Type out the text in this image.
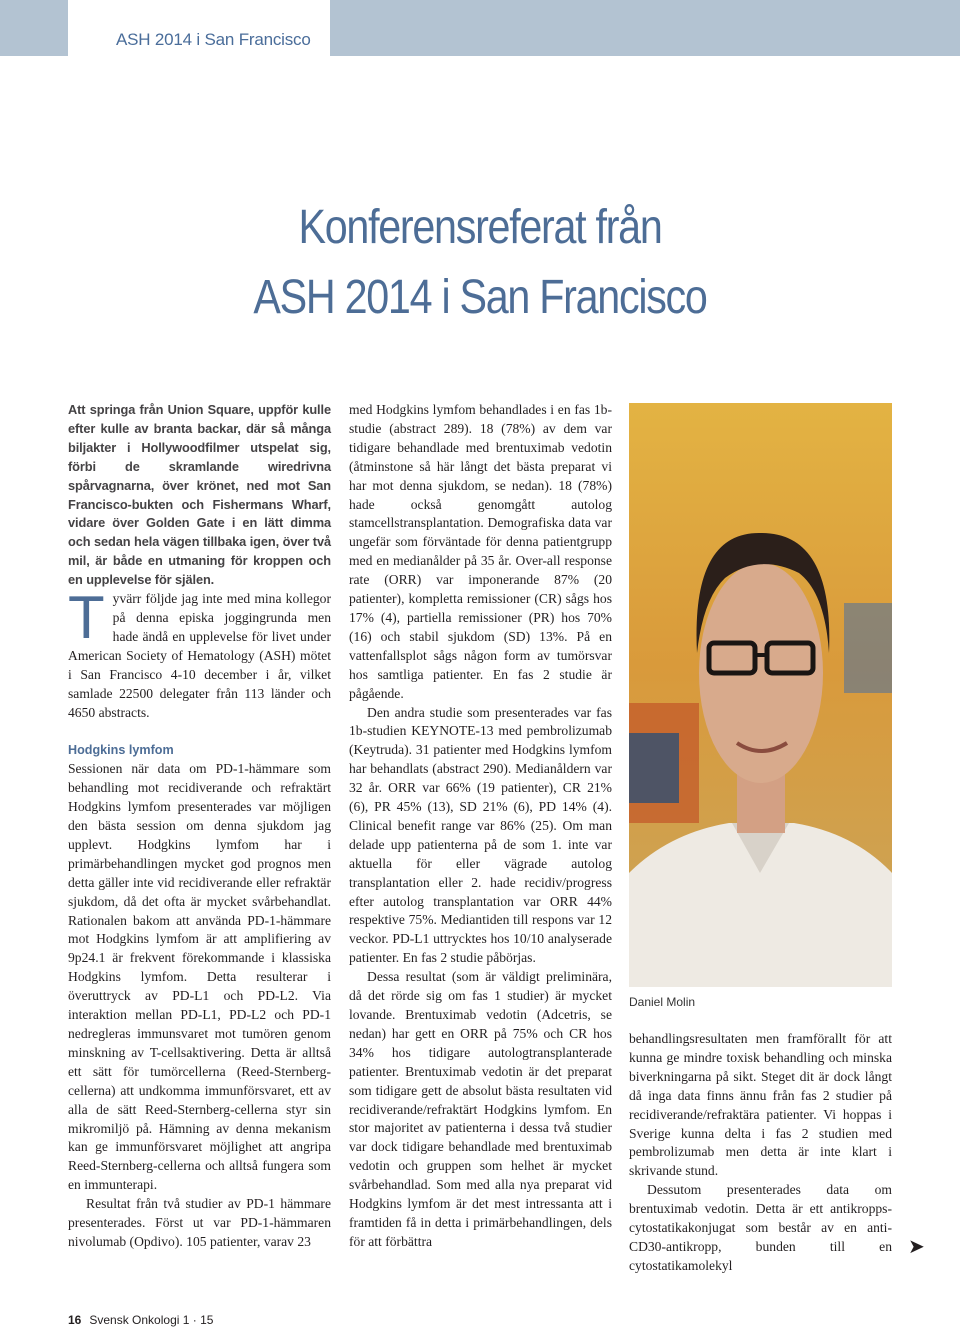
ASH 2014 i San Francisco
Konferensreferat från
ASH 2014 i San Francisco

Att springa från Union Square, uppför kulle efter kulle av branta backar, där så många biljakter i Hollywoodfilmer utspelat sig, förbi de skramlande wiredrivna spårvagnarna, över krönet, ned mot San Francisco-bukten och Fishermans Wharf, vidare över Golden Gate i en lätt dimma och sedan hela vägen tillbaka igen, över två mil, är både en utmaning för kroppen och en upplevelse för själen.

Tyvärr följde jag inte med mina kollegor på denna episka joggingrunda men hade ändå en upplevelse för livet under American Society of Hematology (ASH) mötet i San Francisco 4-10 december i år, vilket samlade 22500 delegater från 113 länder och 4650 abstracts.

Hodgkins lymfom

Sessionen när data om PD-1-hämmare som behandling mot recidiverande och refraktärt Hodgkins lymfom presenterades var möjligen den bästa session om denna sjukdom jag upplevt. Hodgkins lymfom har i primärbehandlingen mycket god prognos men detta gäller inte vid recidiverande eller refraktär sjukdom, då det ofta är mycket svårbehandlat. Rationalen bakom att använda PD-1-hämmare mot Hodgkins lymfom är att amplifiering av 9p24.1 är frekvent förekommande i klassiska Hodgkins lymfom. Detta resulterar i överuttryck av PD-L1 och PD-L2. Via interaktion mellan PD-L1, PD-L2 och PD-1 nedregleras immunsvaret mot tumören genom minskning av T-cellsaktivering. Detta är alltså ett sätt för tumörcellerna (Reed-Sternberg-cellerna) att undkomma immunförsvaret, ett av alla de sätt Reed-Sternberg-cellerna styr sin mikromiljö på. Hämning av denna mekanism kan ge immunförsvaret möjlighet att angripa Reed-Sternberg-cellerna och alltså fungera som en immunterapi.

Resultat från två studier av PD-1 hämmare presenterades. Först ut var PD-1-hämmaren nivolumab (Opdivo). 105 patienter, varav 23

med Hodgkins lymfom behandlades i en fas 1b-studie (abstract 289). 18 (78%) av dem var tidigare behandlade med brentuximab vedotin (åtminstone så här långt det bästa preparat vi har mot denna sjukdom, se nedan). 18 (78%) hade också genomgått autolog stamcellstransplantation. Demografiska data var ungefär som förväntade för denna patientgrupp med en medianålder på 35 år. Over-all response rate (ORR) var imponerande 87% (20 patienter), kompletta remissioner (CR) sågs hos 17% (4), partiella remissioner (PR) hos 70% (16) och stabil sjukdom (SD) 13%. På en vattenfallsplot sågs någon form av tumörsvar hos samtliga patienter. En fas 2 studie är pågående.

Den andra studie som presenterades var fas 1b-studien KEYNOTE-13 med pembrolizumab (Keytruda). 31 patienter med Hodgkins lymfom har behandlats (abstract 290). Medianåldern var 32 år. ORR var 66% (19 patienter), CR 21% (6), PR 45% (13), SD 21% (6), PD 14% (4). Clinical benefit range var 86% (25). Om man delade upp patienterna på de som 1. inte var aktuella för eller vägrade autolog transplantation eller 2. hade recidiv/progress efter autolog transplantation var ORR 44% respektive 75%. Mediantiden till respons var 12 veckor. PD-L1 uttrycktes hos 10/10 analyserade patienter. En fas 2 studie påbörjas.

Dessa resultat (som är väldigt preliminära, då det rörde sig om fas 1 studier) är mycket lovande. Brentuximab vedotin (Adcetris, se nedan) har gett en ORR på 75% och CR hos 34% hos tidigare autologtransplanterade patienter. Brentuximab vedotin är det preparat som tidigare gett de absolut bästa resultaten vid recidiverande/refraktärt Hodgkins lymfom. En stor majoritet av patienterna i dessa två studier var dock tidigare behandlade med brentuximab vedotin och gruppen som helhet är mycket svårbehandlad. Som med alla nya preparat vid Hodgkins lymfom är det mest intressanta att i framtiden få in detta i primärbehandlingen, dels för att förbättra

Daniel Molin

behandlingsresultaten men framförallt för att kunna ge mindre toxisk behandling och minska biverkningarna på sikt. Steget dit är dock långt då inga data finns ännu från fas 2 studier på recidiverande/refraktära patienter. Vi hoppas i Sverige kunna delta i fas 2 studien med pembrolizumab men detta är inte klart i skrivande stund.

Dessutom presenterades data om brentuximab vedotin. Detta är ett antikropps-cytostatikakonjugat som består av en anti-CD30-antikropp, bunden till en cytostatikamolekyl

➤
16 Svensk Onkologi 1 · 15
